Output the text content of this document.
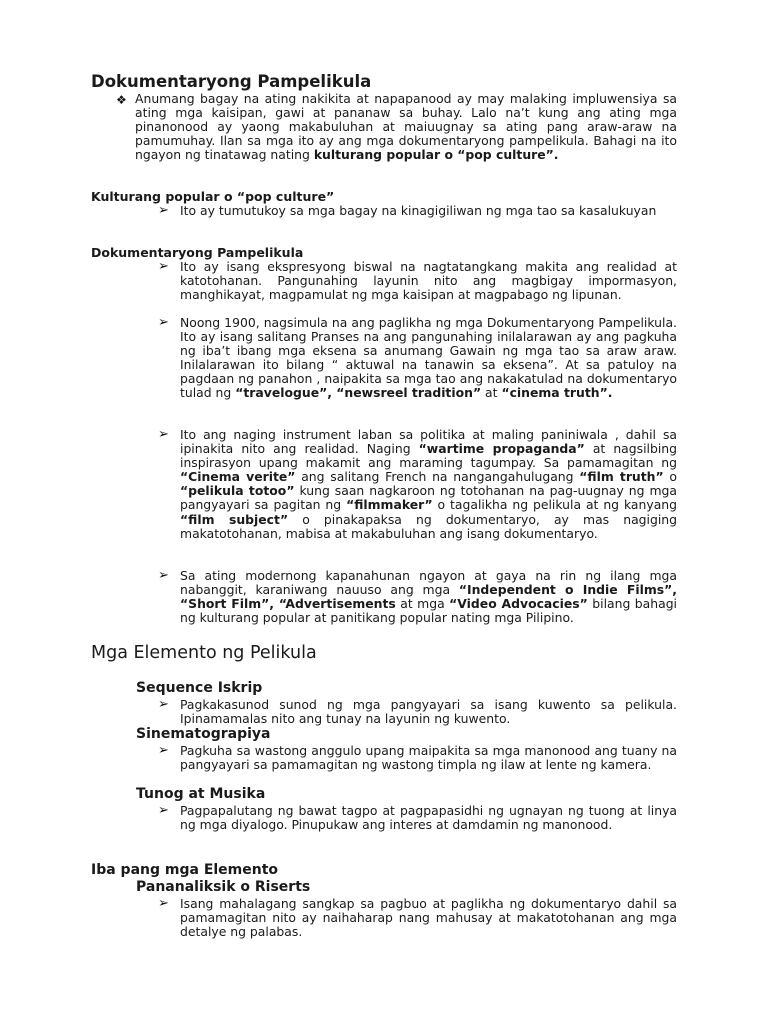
Dokumentaryong Pampelikula
❖ Anumang bagay na ating nakikita at napapanood ay may malaking impluwensiya sa ating mga kaisipan, gawi at pananaw sa buhay. Lalo na’t kung ang ating mga pinanonood ay yaong makabuluhan at maiuugnay sa ating pang araw-araw na pamumuhay. Ilan sa mga ito ay ang mga dokumentaryong pampelikula. Bahagi na ito ngayon ng tinatawag nating kulturang popular o “pop culture”.
Kulturang popular o “pop culture”
➢ Ito ay tumutukoy sa mga bagay na kinagigiliwan ng mga tao sa kasalukuyan
Dokumentaryong Pampelikula
➢ Ito ay isang ekspresyong biswal na nagtatangkang makita ang realidad at katotohanan. Pangunahing layunin nito ang magbigay impormasyon, manghikayat, magpamulat ng mga kaisipan at magpabago ng lipunan.
➢ Noong 1900, nagsimula na ang paglikha ng mga Dokumentaryong Pampelikula. Ito ay isang salitang Pranses na ang pangunahing inilalarawan ay ang pagkuha ng iba’t ibang mga eksena sa anumang Gawain ng mga tao sa araw araw. Inilalarawan ito bilang “ aktuwal na tanawin sa eksena”. At sa patuloy na pagdaan ng panahon , naipakita sa mga tao ang nakakatulad na dokumentaryo tulad ng “travelogue”, “newsreel tradition” at “cinema truth”.
➢ Ito ang naging instrument laban sa politika at maling paniniwala , dahil sa ipinakita nito ang realidad. Naging “wartime propaganda” at nagsilbing inspirasyon upang makamit ang maraming tagumpay. Sa pamamagitan ng “Cinema verite” ang salitang French na nangangahulugang “film truth” o “pelikula totoo” kung saan nagkaroon ng totohanan na pag-uugnay ng mga pangyayari sa pagitan ng “filmmaker” o tagalikha ng pelikula at ng kanyang “film subject” o pinakapaksa ng dokumentaryo, ay mas nagiging makatotohanan, mabisa at makabuluhan ang isang dokumentaryo.
➢ Sa ating modernong kapanahunan ngayon at gaya na rin ng ilang mga nabanggit, karaniwang nauuso ang mga “Independent o Indie Films”, “Short Film”, “Advertisements at mga “Video Advocacies” bilang bahagi ng kulturang popular at panitikang popular nating mga Pilipino.
Mga Elemento ng Pelikula
Sequence Iskrip
➢ Pagkakasunod sunod ng mga pangyayari sa isang kuwento sa pelikula. Ipinamamalas nito ang tunay na layunin ng kuwento.
Sinematograpiya
➢ Pagkuha sa wastong anggulo upang maipakita sa mga manonood ang tuany na pangyayari sa pamamagitan ng wastong timpla ng ilaw at lente ng kamera.
Tunog at Musika
➢ Pagpapalutang ng bawat tagpo at pagpapasidhi ng ugnayan ng tuong at linya ng mga diyalogo. Pinupukaw ang interes at damdamin ng manonood.
Iba pang mga Elemento
Pananaliksik o Riserts
➢ Isang mahalagang sangkap sa pagbuo at paglikha ng dokumentaryo dahil sa pamamagitan nito ay naihaharap nang mahusay at makatotohanan ang mga detalye ng palabas.
